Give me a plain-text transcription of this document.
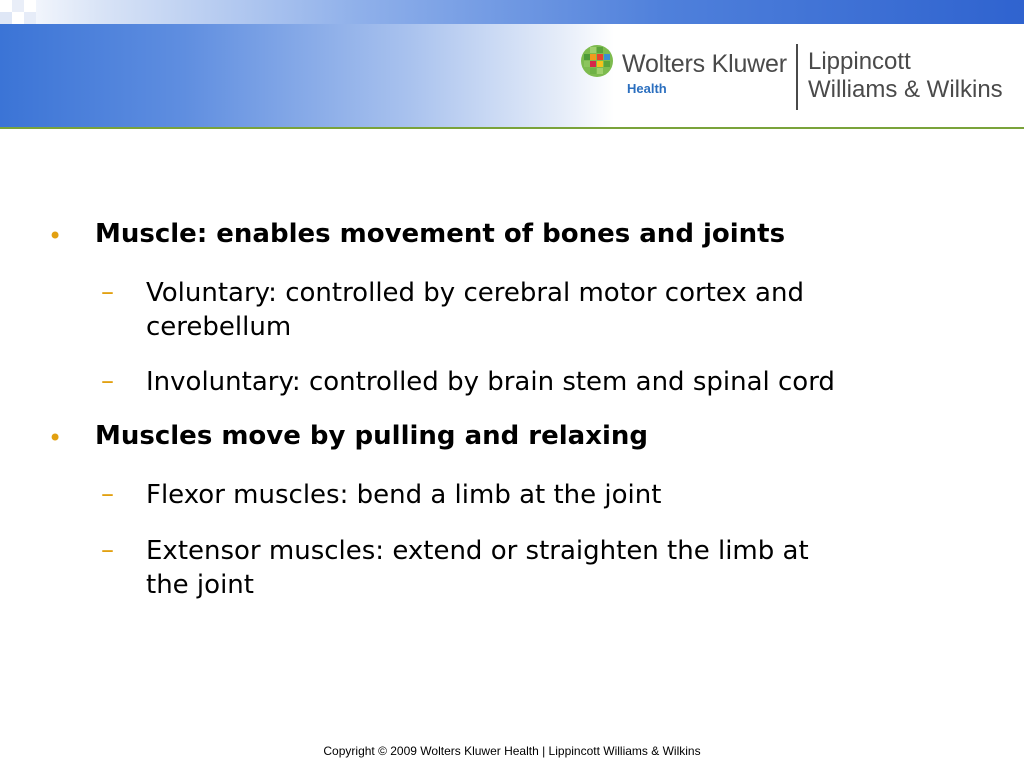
Wolters Kluwer
Health
Lippincott
Williams & Wilkins
• Muscle: enables movement of bones and joints
– Voluntary: controlled by cerebral motor cortex and
cerebellum
– Involuntary: controlled by brain stem and spinal cord
• Muscles move by pulling and relaxing
– Flexor muscles: bend a limb at the joint
– Extensor muscles: extend or straighten the limb at
the joint
Copyright © 2009 Wolters Kluwer Health | Lippincott Williams & Wilkins
